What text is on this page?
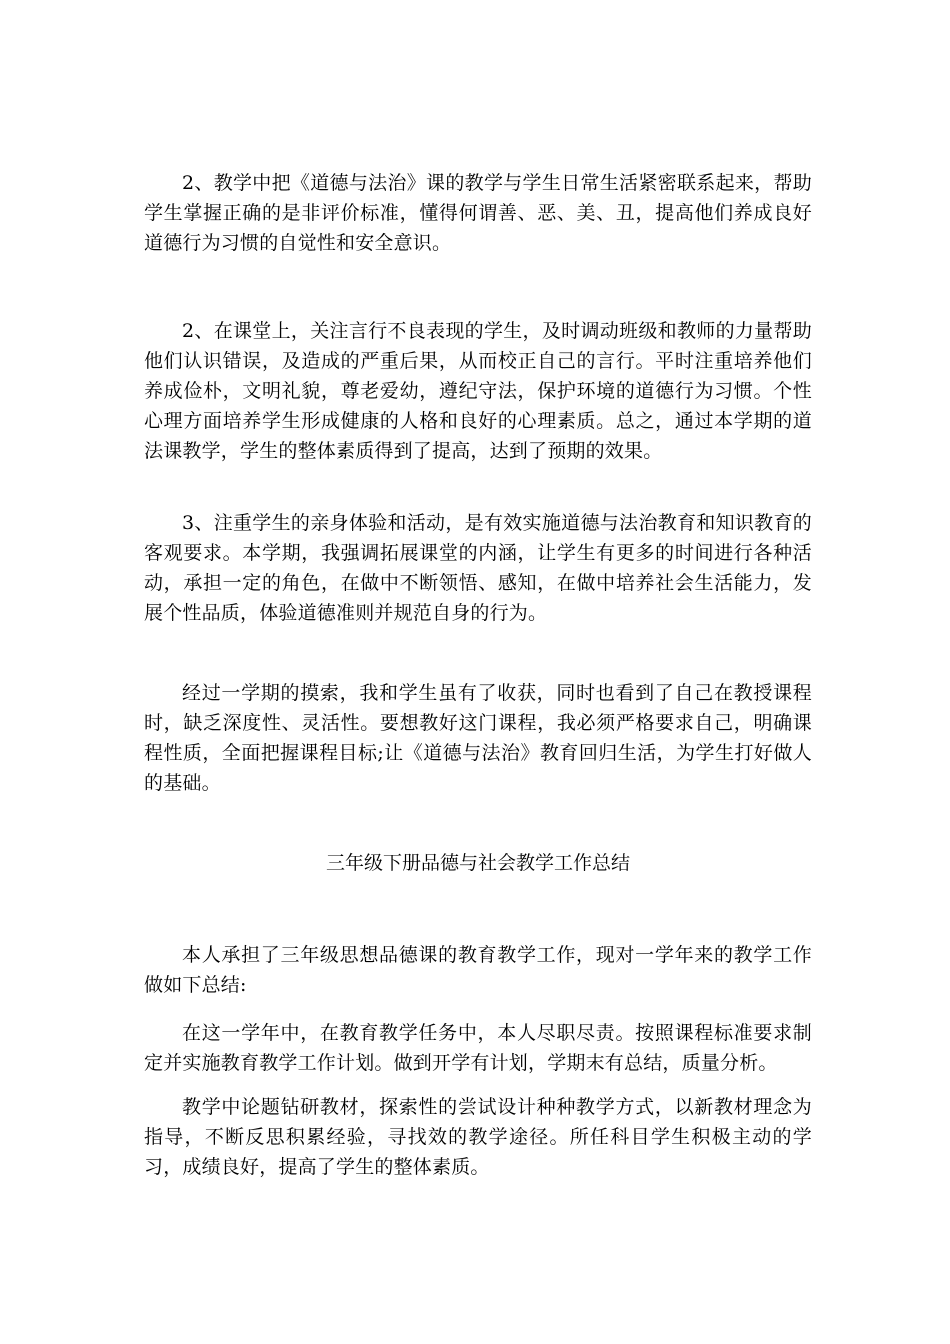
2、教学中把《道德与法治》课的教学与学生日常生活紧密联系起来，帮助学生掌握正确的是非评价标准，懂得何谓善、恶、美、丑，提高他们养成良好道德行为习惯的自觉性和安全意识。

2、在课堂上，关注言行不良表现的学生，及时调动班级和教师的力量帮助他们认识错误，及造成的严重后果，从而校正自己的言行。平时注重培养他们养成俭朴，文明礼貌，尊老爱幼，遵纪守法，保护环境的道德行为习惯。个性心理方面培养学生形成健康的人格和良好的心理素质。总之，通过本学期的道法课教学，学生的整体素质得到了提高，达到了预期的效果。

3、注重学生的亲身体验和活动，是有效实施道德与法治教育和知识教育的客观要求。本学期，我强调拓展课堂的内涵，让学生有更多的时间进行各种活动，承担一定的角色，在做中不断领悟、感知，在做中培养社会生活能力，发展个性品质，体验道德准则并规范自身的行为。

经过一学期的摸索，我和学生虽有了收获，同时也看到了自己在教授课程时，缺乏深度性、灵活性。要想教好这门课程，我必须严格要求自己，明确课程性质，全面把握课程目标;让《道德与法治》教育回归生活，为学生打好做人的基础。

三年级下册品德与社会教学工作总结

本人承担了三年级思想品德课的教育教学工作，现对一学年来的教学工作做如下总结:

在这一学年中，在教育教学任务中，本人尽职尽责。按照课程标准要求制定并实施教育教学工作计划。做到开学有计划，学期末有总结，质量分析。

教学中论题钻研教材，探索性的尝试设计种种教学方式，以新教材理念为指导，不断反思积累经验，寻找效的教学途径。所任科目学生积极主动的学习，成绩良好，提高了学生的整体素质。
